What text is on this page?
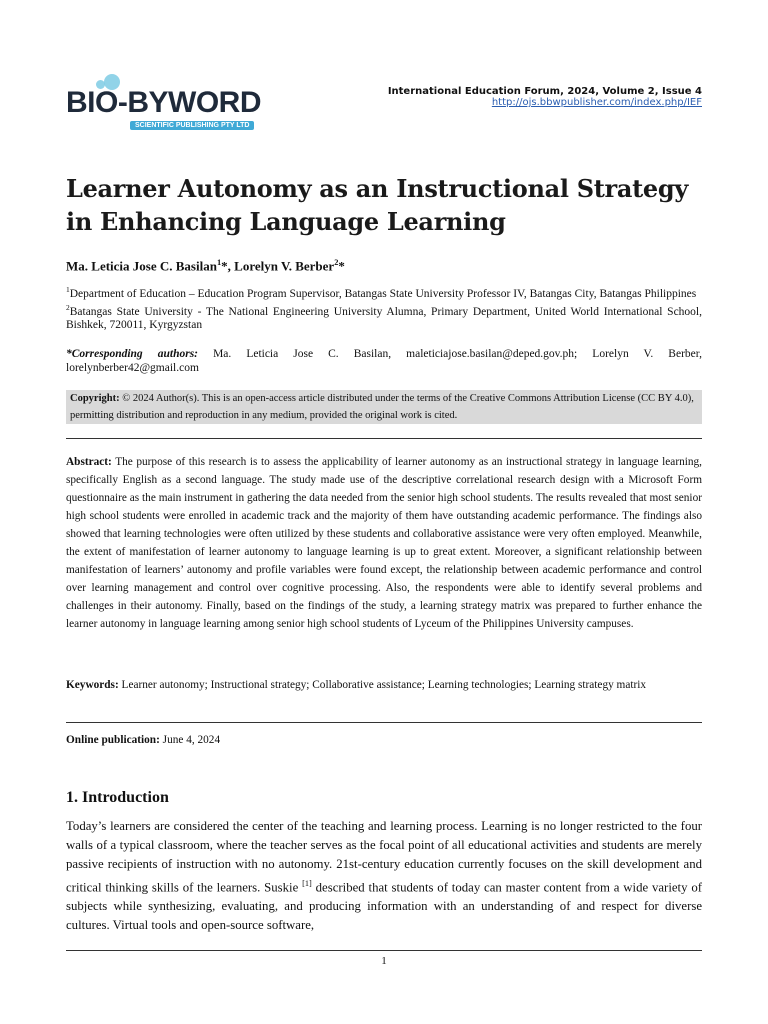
BIO-BYWORD
SCIENTIFIC PUBLISHING PTY LTD
International Education Forum, 2024, Volume 2, Issue 4
http://ojs.bbwpublisher.com/index.php/IEF
Learner Autonomy as an Instructional Strategy in Enhancing Language Learning
Ma. Leticia Jose C. Basilan$^1$*, Lorelyn V. Berber$^2$*
$^1$Department of Education – Education Program Supervisor, Batangas State University Professor IV, Batangas City, Batangas Philippines
$^2$Batangas State University - The National Engineering University Alumna, Primary Department, United World International School, Bishkek, 720011, Kyrgyzstan
*Corresponding authors: Ma. Leticia Jose C. Basilan, maleticiajose.basilan@deped.gov.ph; Lorelyn V. Berber, lorelynberber42@gmail.com
Copyright: © 2024 Author(s). This is an open-access article distributed under the terms of the Creative Commons Attribution License (CC BY 4.0), permitting distribution and reproduction in any medium, provided the original work is cited.
Abstract: The purpose of this research is to assess the applicability of learner autonomy as an instructional strategy in language learning, specifically English as a second language. The study made use of the descriptive correlational research design with a Microsoft Form questionnaire as the main instrument in gathering the data needed from the senior high school students. The results revealed that most senior high school students were enrolled in academic track and the majority of them have outstanding academic performance. The findings also showed that learning technologies were often utilized by these students and collaborative assistance were very often employed. Meanwhile, the extent of manifestation of learner autonomy to language learning is up to great extent. Moreover, a significant relationship between manifestation of learners’ autonomy and profile variables were found except, the relationship between academic performance and control over learning management and control over cognitive processing. Also, the respondents were able to identify several problems and challenges in their autonomy. Finally, based on the findings of the study, a learning strategy matrix was prepared to further enhance the learner autonomy in language learning among senior high school students of Lyceum of the Philippines University campuses.
Keywords: Learner autonomy; Instructional strategy; Collaborative assistance; Learning technologies; Learning strategy matrix
Online publication: June 4, 2024
1. Introduction
Today’s learners are considered the center of the teaching and learning process. Learning is no longer restricted to the four walls of a typical classroom, where the teacher serves as the focal point of all educational activities and students are merely passive recipients of instruction with no autonomy. 21st-century education currently focuses on the skill development and critical thinking skills of the learners. Suskie [1] described that students of today can master content from a wide variety of subjects while synthesizing, evaluating, and producing information with an understanding of and respect for diverse cultures. Virtual tools and open-source software,
1
